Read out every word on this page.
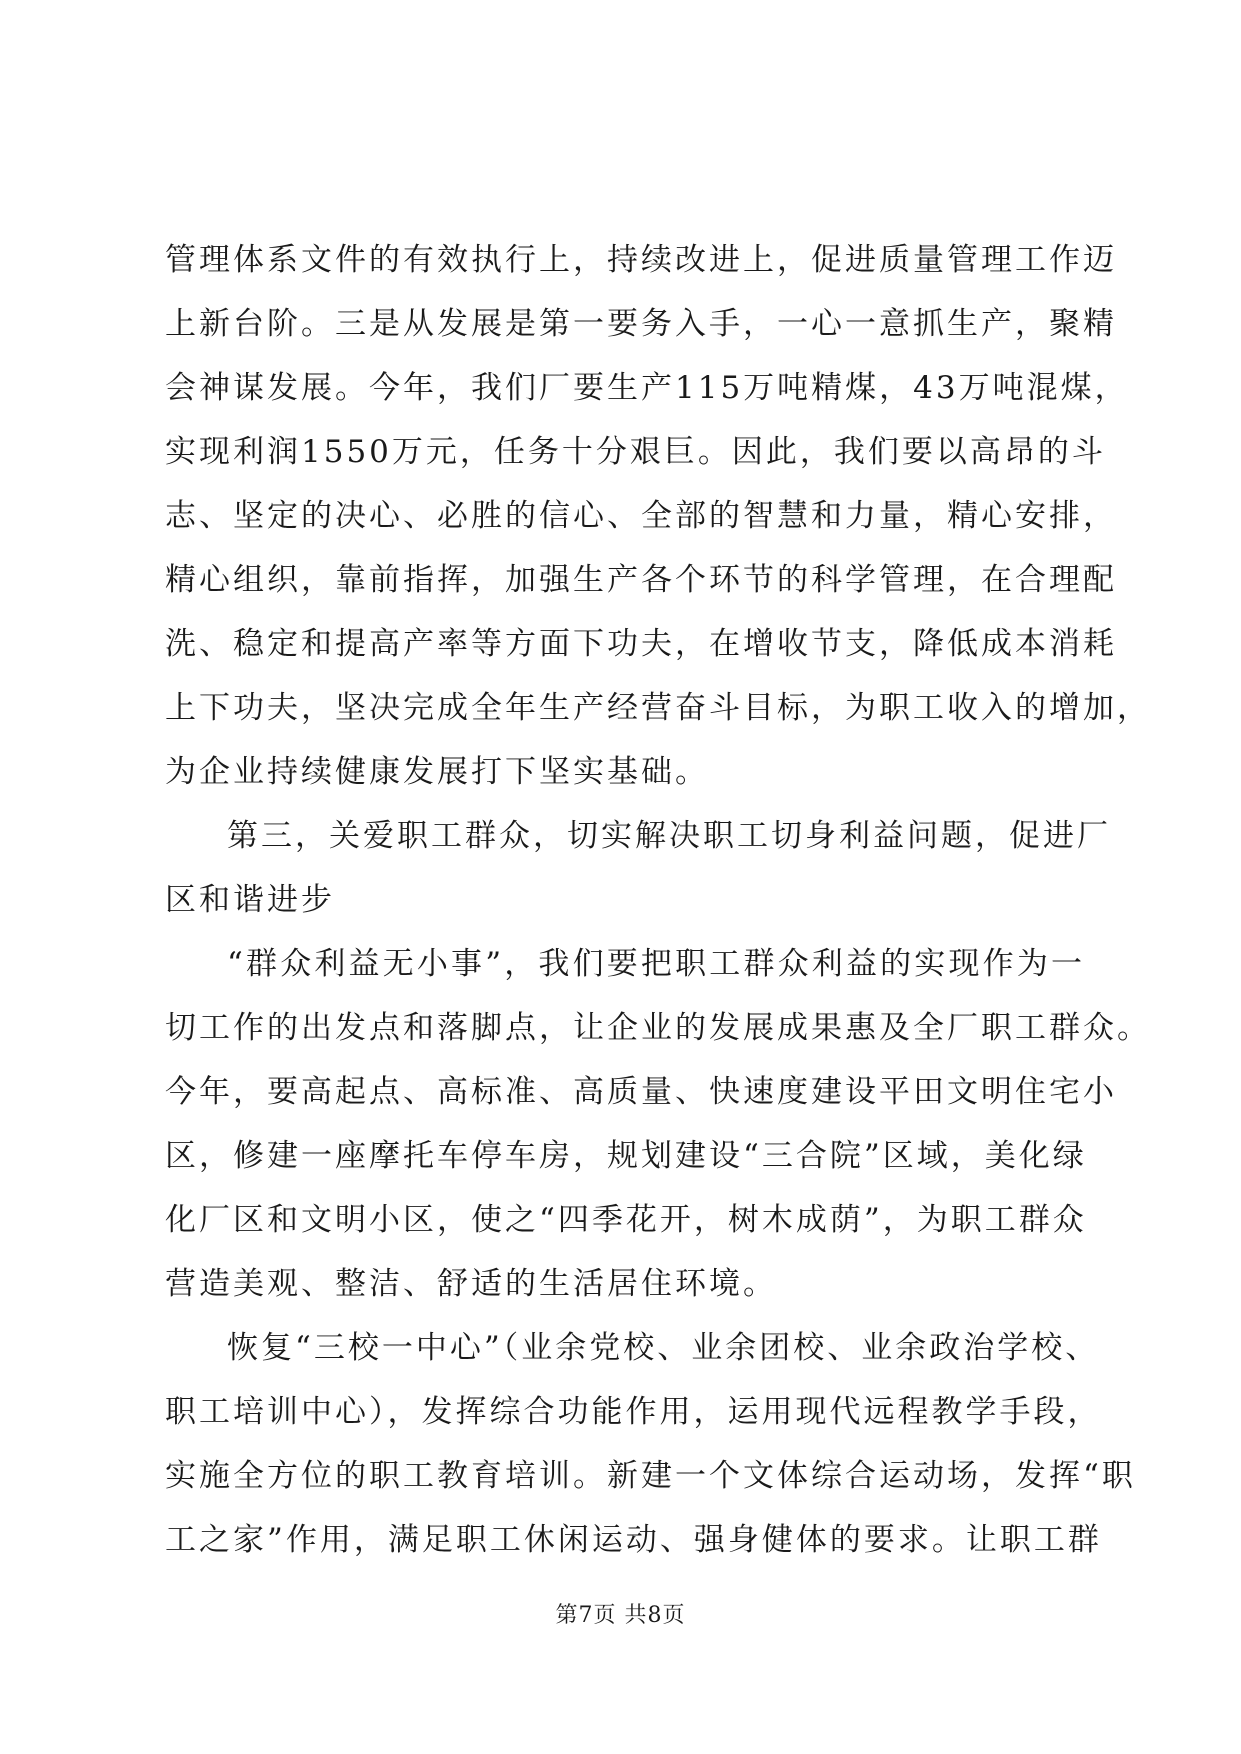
管理体系文件的有效执行上，持续改进上，促进质量管理工作迈
上新台阶。三是从发展是第一要务入手，一心一意抓生产，聚精
会神谋发展。今年，我们厂要生产115万吨精煤，43万吨混煤，
实现利润1550万元，任务十分艰巨。因此，我们要以高昂的斗
志、坚定的决心、必胜的信心、全部的智慧和力量，精心安排，
精心组织，靠前指挥，加强生产各个环节的科学管理，在合理配
洗、稳定和提高产率等方面下功夫，在增收节支，降低成本消耗
上下功夫，坚决完成全年生产经营奋斗目标，为职工收入的增加，
为企业持续健康发展打下坚实基础。
第三，关爱职工群众，切实解决职工切身利益问题，促进厂
区和谐进步
“群众利益无小事”，我们要把职工群众利益的实现作为一
切工作的出发点和落脚点，让企业的发展成果惠及全厂职工群众。
今年，要高起点、高标准、高质量、快速度建设平田文明住宅小
区，修建一座摩托车停车房，规划建设“三合院”区域，美化绿
化厂区和文明小区，使之“四季花开，树木成荫”，为职工群众
营造美观、整洁、舒适的生活居住环境。
恢复“三校一中心”（业余党校、业余团校、业余政治学校、
职工培训中心），发挥综合功能作用，运用现代远程教学手段，
实施全方位的职工教育培训。新建一个文体综合运动场，发挥“职
工之家”作用，满足职工休闲运动、强身健体的要求。让职工群
第7页 共8页
